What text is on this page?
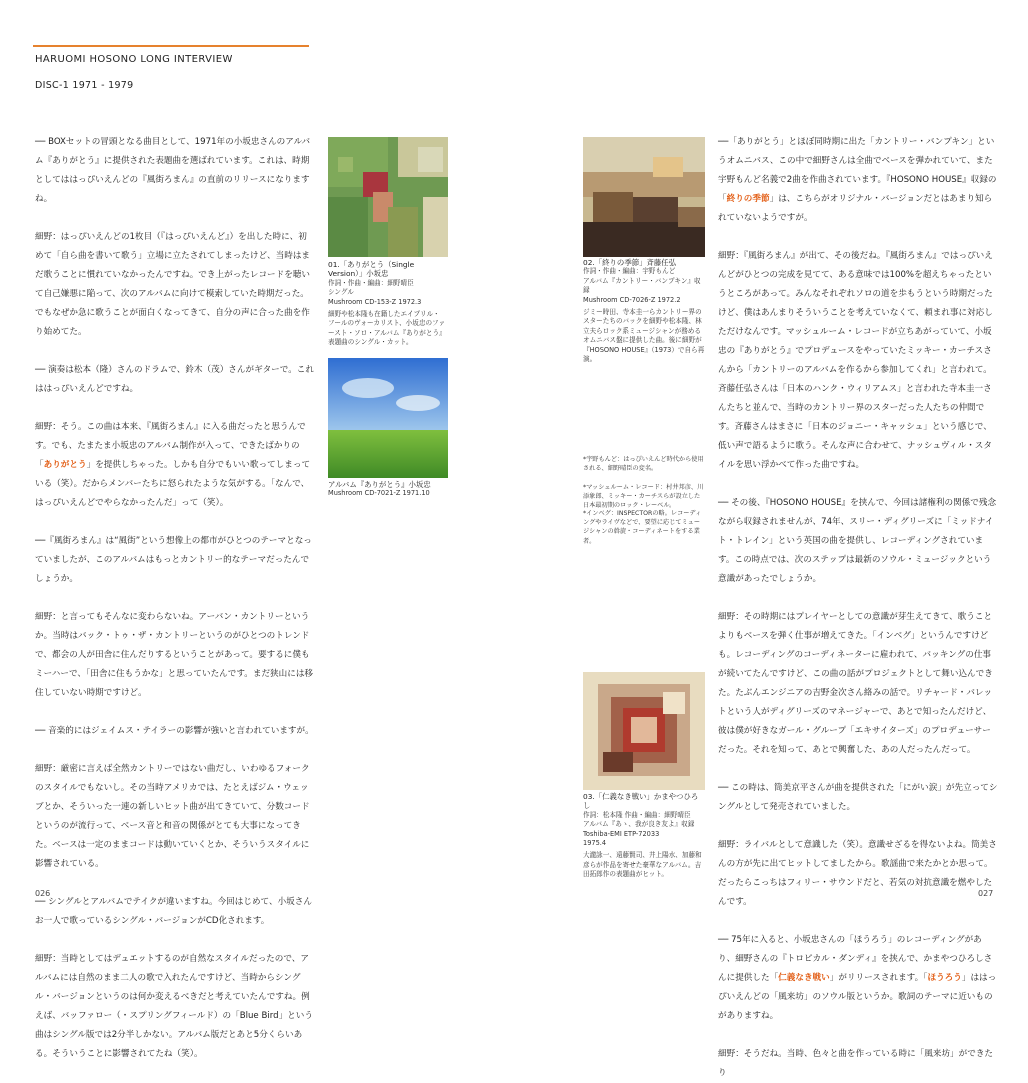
HARUOMI HOSONO LONG INTERVIEW
DISC-1 1971 - 1979

── BOXセットの冒頭となる曲目として、1971年の小坂忠さんのアルバム『ありがとう』に提供された表題曲を選ばれています。これは、時期としてははっぴいえんどの『風街ろまん』の直前のリリースになりますね。

細野：はっぴいえんどの1枚目（『はっぴいえんど』）を出した時に、初めて「自ら曲を書いて歌う」立場に立たされてしまったけど、当時はまだ歌うことに慣れていなかったんですね。でき上がったレコードを聴いて自己嫌悪に陥って、次のアルバムに向けて模索していた時期だった。でもなぜか急に歌うことが面白くなってきて、自分の声に合った曲を作り始めてた。

── 演奏は松本（隆）さんのドラムで、鈴木（茂）さんがギターで。これははっぴいえんどですね。

細野：そう。この曲は本来、『風街ろまん』に入る曲だったと思うんです。でも、たまたま小坂忠のアルバム制作が入って、できたばかりの「ありがとう」を提供しちゃった。しかも自分でもいい歌ってしまっている（笑）。だからメンバーたちに怒られたような気がする。「なんで、はっぴいえんどでやらなかったんだ」って（笑）。

──『風街ろまん』は“風街”という想像上の都市がひとつのテーマとなっていましたが、このアルバムはもっとカントリー的なテーマだったんでしょうか。

細野：と言ってもそんなに変わらないね。アーバン・カントリーというか。当時はバック・トゥ・ザ・カントリーというのがひとつのトレンドで、都会の人が田舎に住んだりするということがあって。要するに僕もミーハーで、「田舎に住もうかな」と思っていたんです。まだ狭山には移住していない時期ですけど。

── 音楽的にはジェイムス・テイラーの影響が強いと言われていますが。

細野：厳密に言えば全然カントリーではない曲だし、いわゆるフォークのスタイルでもないし。その当時アメリカでは、たとえばジム・ウェッブとか、そういった一連の新しいヒット曲が出てきていて、分数コードというのが流行って、ベース音と和音の関係がとても大事になってきた。ベースは一定のままコードは動いていくとか、そういうスタイルに影響されている。

── シングルとアルバムでテイクが違いますね。今回はじめて、小坂さんお一人で歌っているシングル・バージョンがCD化されます。

細野：当時としてはデュエットするのが自然なスタイルだったので、アルバムには自然のまま二人の歌で入れたんですけど、当時からシングル・バージョンというのは何か変えるべきだと考えていたんですね。例えば、バッファロー（・スプリングフィールド）の「Blue Bird」という曲はシングル版では2分半しかない。アルバム版だとあと5分くらいある。そういうことに影響されてたね（笑）。

01.「ありがとう（Single Version）」小坂忠
作詞・作曲・編曲：細野晴臣
シングル
Mushroom CD-153-Z 1972.3
細野や松本隆も在籍したエイプリル・フールのヴォーカリスト、小坂忠のファースト・ソロ・アルバム『ありがとう』表題曲のシングル・カット。
アルバム『ありがとう』小坂忠
Mushroom CD-7021-Z 1971.10
02.「終りの季節」斉藤任弘
作詞・作曲・編曲：宇野もんど
アルバム『カントリー・バンプキン』収録
Mushroom CD-7026-Z 1972.2
ジミー時田、寺本圭一らカントリー界のスターたちのバックを細野や松本隆、林立夫らロック系ミュージシャンが務めるオムニバス盤に提供した曲。後に細野が『HOSONO HOUSE』（1973）で自ら再演。
*宇野もんど：はっぴいえんど時代から使用される、細野晴臣の変名。
*マッシュルーム・レコード：村井邦彦、川添象郎、ミッキー・カーチスらが設立した日本最初期のロック・レーベル。
*インベグ：INSPECTORの略。レコーディングやライヴなどで、要望に応じてミュージシャンの斡旋・コーディネートをする業者。
03.「仁義なき戦い」かまやつひろし
作詞：松本隆 作曲・編曲：細野晴臣
アルバム『あゝ、我が良き友よ』収録
Toshiba-EMI ETP-72033
1975.4
大瀧詠一、遠藤賢司、井上陽水、加藤和彦らが作品を寄せた豪華なアルバム。吉田拓郎作の表題曲がヒット。

──「ありがとう」とほぼ同時期に出た「カントリー・バンプキン」というオムニバス、この中で細野さんは全曲でベースを弾かれていて、また宇野もんど名義で2曲を作曲されています。『HOSONO HOUSE』収録の「終りの季節」は、こちらがオリジナル・バージョンだとはあまり知られていないようですが。

細野：『風街ろまん』が出て、その後だね。『風街ろまん』ではっぴいえんどがひとつの完成を見てて、ある意味では100%を超えちゃったというところがあって。みんなそれぞれソロの道を歩もうという時期だったけど、僕はあんまりそういうことを考えていなくて、頼まれ事に対応しただけなんです。マッシュルーム・レコードが立ちあがっていて、小坂忠の『ありがとう』でプロデュースをやっていたミッキー・カーチスさんから「カントリーのアルバムを作るから参加してくれ」と言われて。斉藤任弘さんは「日本のハンク・ウィリアムス」と言われた寺本圭一さんたちと並んで、当時のカントリー界のスターだった人たちの仲間です。斉藤さんはまさに「日本のジョニー・キャッシュ」という感じで、低い声で語るように歌う。そんな声に合わせて、ナッシュヴィル・スタイルを思い浮かべて作った曲ですね。

── その後、『HOSONO HOUSE』を挟んで、今回は諸権利の関係で残念ながら収録されませんが、74年、スリー・ディグリーズに「ミッドナイト・トレイン」という英国の曲を提供し、レコーディングされています。この時点では、次のステップは最新のソウル・ミュージックという意識があったでしょうか。

細野：その時期にはプレイヤーとしての意識が芽生えてきて、歌うことよりもベースを弾く仕事が増えてきた。「インベグ」というんですけども。レコーディングのコーディネーターに雇われて、バッキングの仕事が続いてたんですけど、この曲の話がプロジェクトとして舞い込んできた。たぶんエンジニアの吉野金次さん絡みの話で。リチャード・バレットという人がディグリーズのマネージャーで、あとで知ったんだけど、彼は僕が好きなガール・グループ「エキサイターズ」のプロデューサーだった。それを知って、あとで興奮した、あの人だったんだって。

── この時は、筒美京平さんが曲を提供された「にがい涙」が先立ってシングルとして発売されていました。

細野：ライバルとして意識した（笑）。意識せざるを得ないよね。筒美さんの方が先に出てヒットしてましたから。歌謡曲で来たかとか思って。だったらこっちはフィリー・サウンドだと、若気の対抗意識を燃やしたんです。

── 75年に入ると、小坂忠さんの「ほうろう」のレコーディングがあり、細野さんの『トロピカル・ダンディ』を挟んで、かまやつひろしさんに提供した「仁義なき戦い」がリリースされます。「ほうろう」ははっぴいえんどの「風来坊」のソウル版というか。歌詞のテーマに近いものがありますね。

細野：そうだね。当時、色々と曲を作っている時に「風来坊」ができたり

026	027
